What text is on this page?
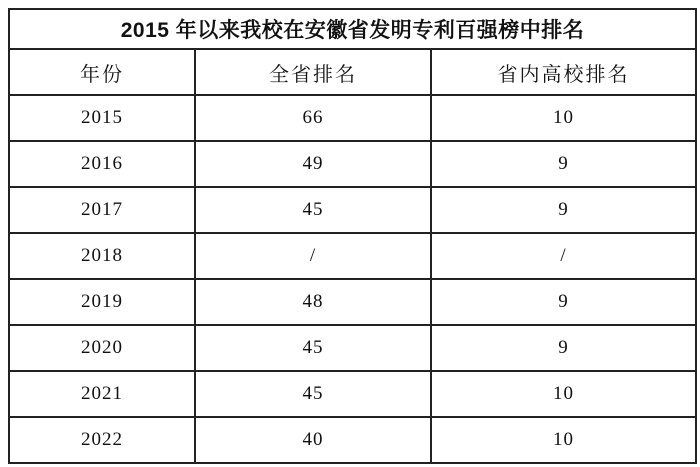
2015 年以来我校在安徽省发明专利百强榜中排名		
年份	全省排名	省内高校排名
2015	66	10
2016	49	9
2017	45	9
2018	/	/
2019	48	9
2020	45	9
2021	45	10
2022	40	10
